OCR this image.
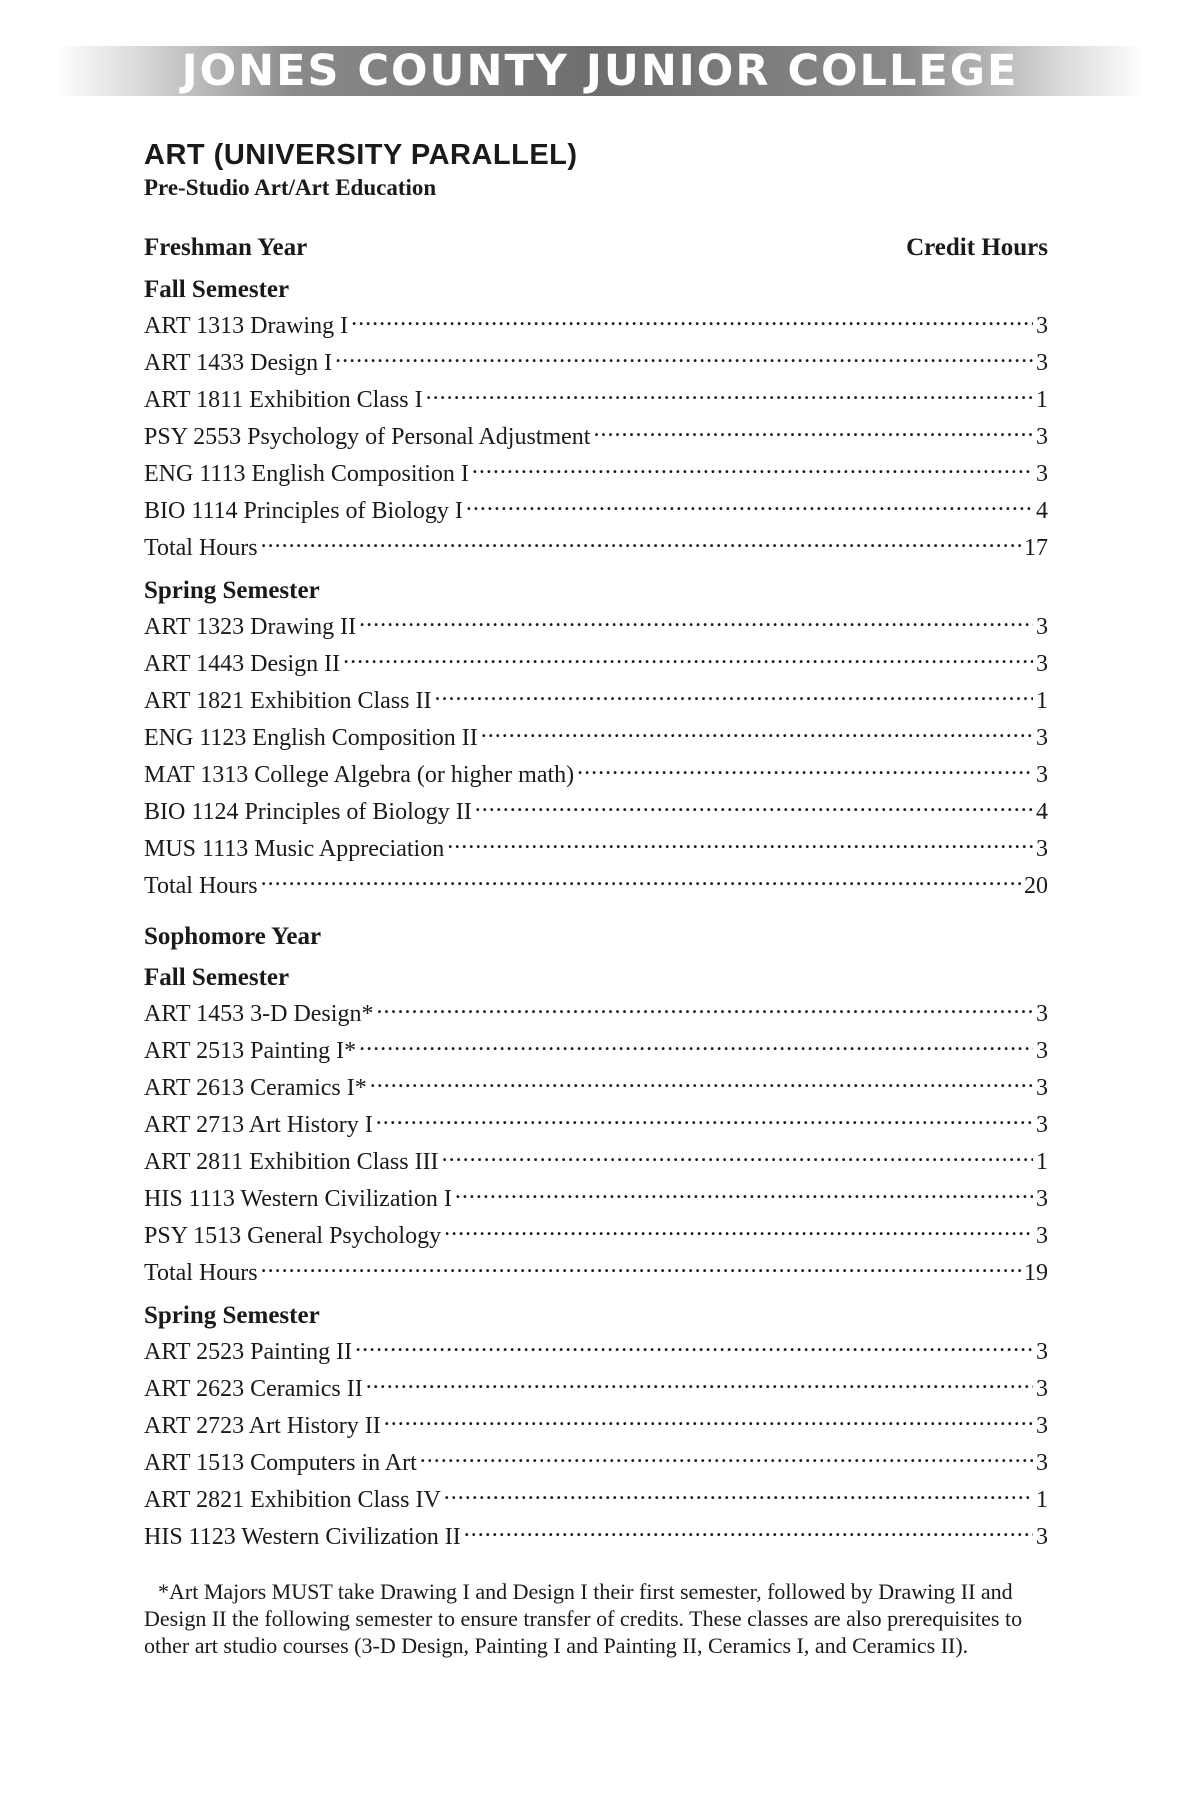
JONES COUNTY JUNIOR COLLEGE
ART (UNIVERSITY PARALLEL)
Pre-Studio Art/Art Education
Freshman Year	Credit Hours
Fall Semester
ART 1313 Drawing I .....	3
ART 1433 Design I .....	3
ART 1811 Exhibition Class I .....	1
PSY 2553 Psychology of Personal Adjustment .....	3
ENG 1113 English Composition I .....	3
BIO 1114 Principles of Biology I .....	4
Total Hours .....	17
Spring Semester
ART 1323 Drawing II .....	3
ART 1443 Design II .....	3
ART 1821 Exhibition Class II .....	1
ENG 1123 English Composition II .....	3
MAT 1313 College Algebra (or higher math) .....	3
BIO 1124 Principles of Biology II .....	4
MUS 1113 Music Appreciation .....	3
Total Hours .....	20
Sophomore Year
Fall Semester
ART 1453 3-D Design* .....	3
ART 2513 Painting I* .....	3
ART 2613 Ceramics I* .....	3
ART 2713 Art History I .....	3
ART 2811 Exhibition Class III .....	1
HIS 1113 Western Civilization I .....	3
PSY 1513 General Psychology .....	3
Total Hours .....	19
Spring Semester
ART 2523 Painting II .....	3
ART 2623 Ceramics II .....	3
ART 2723 Art History II .....	3
ART 1513 Computers in Art .....	3
ART 2821 Exhibition Class IV .....	1
HIS 1123 Western Civilization II .....	3
*Art Majors MUST take Drawing I and Design I their first semester, followed by Drawing II and Design II the following semester to ensure transfer of credits. These classes are also prerequisites to other art studio courses (3-D Design, Painting I and Painting II, Ceramics I, and Ceramics II).
